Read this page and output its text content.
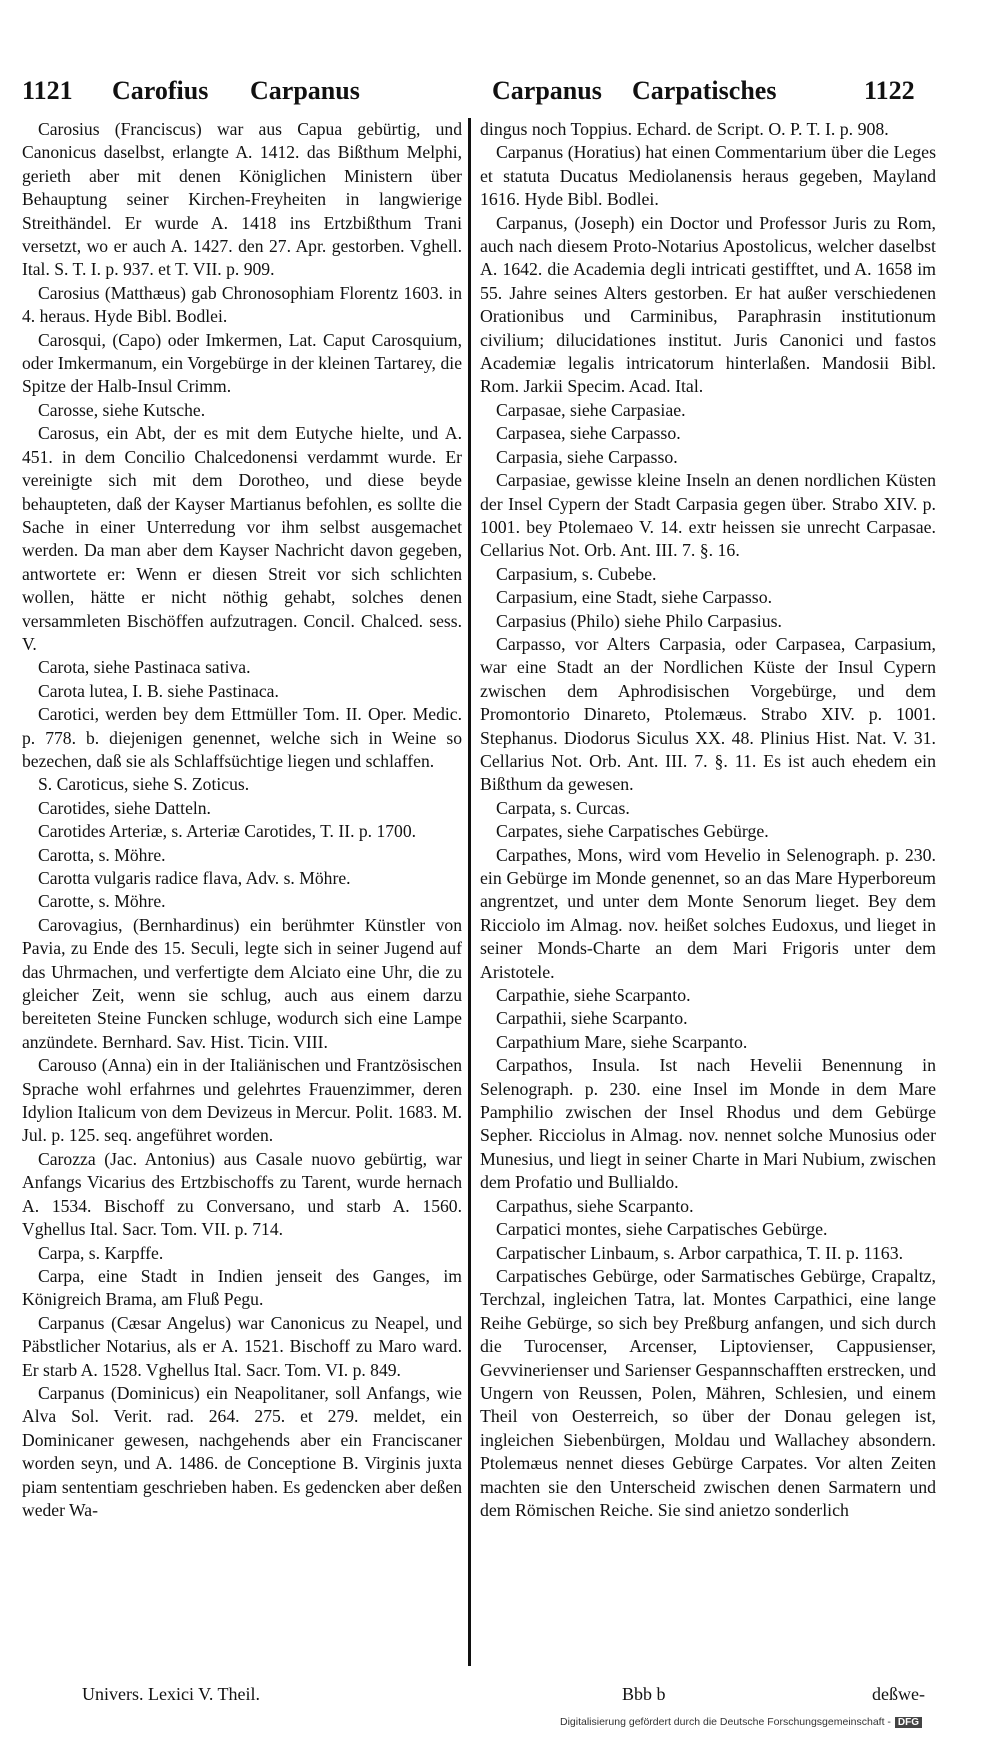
1121 Carofius Carpanus	Carpanus Carpatisches	1122

Carosius (Franciscus) war aus Capua gebürtig, und Canonicus daselbst, erlangte A. 1412. das Bißthum Melphi, gerieth aber mit denen Königlichen Ministern über Behauptung seiner Kirchen-Freyheiten in langwierige Streithändel. Er wurde A. 1418 ins Ertzbißthum Trani versetzt, wo er auch A. 1427. den 27. Apr. gestorben. Vghell. Ital. S. T. I. p. 937. et T. VII. p. 909.

Carosius (Matthæus) gab Chronosophiam Florentz 1603. in 4. heraus. Hyde Bibl. Bodlei.

Carosqui, (Capo) oder Imkermen, Lat. Caput Carosquium, oder Imkermanum, ein Vorgebürge in der kleinen Tartarey, die Spitze der Halb-Insul Crimm.

Carosse, siehe Kutsche.

Carosus, ein Abt, der es mit dem Eutyche hielte, und A. 451. in dem Concilio Chalcedonensi verdammt wurde. Er vereinigte sich mit dem Dorotheo, und diese beyde behaupteten, daß der Kayser Martianus befohlen, es sollte die Sache in einer Unterredung vor ihm selbst ausgemachet werden. Da man aber dem Kayser Nachricht davon gegeben, antwortete er: Wenn er diesen Streit vor sich schlichten wollen, hätte er nicht nöthig gehabt, solches denen versammleten Bischöffen aufzutragen. Concil. Chalced. sess. V.

Carota, siehe Pastinaca sativa.

Carota lutea, I. B. siehe Pastinaca.

Carotici, werden bey dem Ettmüller Tom. II. Oper. Medic. p. 778. b. diejenigen genennet, welche sich in Weine so bezechen, daß sie als Schlaffsüchtige liegen und schlaffen.

S. Caroticus, siehe S. Zoticus.

Carotides, siehe Datteln.

Carotides Arteriæ, s. Arteriæ Carotides, T. II. p. 1700.

Carotta, s. Möhre.

Carotta vulgaris radice flava, Adv. s. Möhre.

Carotte, s. Möhre.

Carovagius, (Bernhardinus) ein berühmter Künstler von Pavia, zu Ende des 15. Seculi, legte sich in seiner Jugend auf das Uhrmachen, und verfertigte dem Alciato eine Uhr, die zu gleicher Zeit, wenn sie schlug, auch aus einem darzu bereiteten Steine Funcken schluge, wodurch sich eine Lampe anzündete. Bernhard. Sav. Hist. Ticin. VIII.

Carouso (Anna) ein in der Italiänischen und Frantzösischen Sprache wohl erfahrnes und gelehrtes Frauenzimmer, deren Idylion Italicum von dem Devizeus in Mercur. Polit. 1683. M. Jul. p. 125. seq. angeführet worden.

Carozza (Jac. Antonius) aus Casale nuovo gebürtig, war Anfangs Vicarius des Ertzbischoffs zu Tarent, wurde hernach A. 1534. Bischoff zu Conversano, und starb A. 1560. Vghellus Ital. Sacr. Tom. VII. p. 714.

Carpa, s. Karpffe.

Carpa, eine Stadt in Indien jenseit des Ganges, im Königreich Brama, am Fluß Pegu.

Carpanus (Cæsar Angelus) war Canonicus zu Neapel, und Päbstlicher Notarius, als er A. 1521. Bischoff zu Maro ward. Er starb A. 1528. Vghellus Ital. Sacr. Tom. VI. p. 849.

Carpanus (Dominicus) ein Neapolitaner, soll Anfangs, wie Alva Sol. Verit. rad. 264. 275. et 279. meldet, ein Dominicaner gewesen, nachgehends aber ein Franciscaner worden seyn, und A. 1486. de Conceptione B. Virginis juxta piam sententiam geschrieben haben. Es gedencken aber deßen weder Wa-

dingus noch Toppius. Echard. de Script. O. P. T. I. p. 908.

Carpanus (Horatius) hat einen Commentarium über die Leges et statuta Ducatus Mediolanensis heraus gegeben, Mayland 1616. Hyde Bibl. Bodlei.

Carpanus, (Joseph) ein Doctor und Professor Juris zu Rom, auch nach diesem Proto-Notarius Apostolicus, welcher daselbst A. 1642. die Academia degli intricati gestifftet, und A. 1658 im 55. Jahre seines Alters gestorben. Er hat außer verschiedenen Orationibus und Carminibus, Paraphrasin institutionum civilium; dilucidationes institut. Juris Canonici und fastos Academiæ legalis intricatorum hinterlaßen. Mandosii Bibl. Rom. Jarkii Specim. Acad. Ital.

Carpasae, siehe Carpasiae.

Carpasea, siehe Carpasso.

Carpasia, siehe Carpasso.

Carpasiae, gewisse kleine Inseln an denen nordlichen Küsten der Insel Cypern der Stadt Carpasia gegen über. Strabo XIV. p. 1001. bey Ptolemaeo V. 14. extr heissen sie unrecht Carpasae. Cellarius Not. Orb. Ant. III. 7. §. 16.

Carpasium, s. Cubebe.

Carpasium, eine Stadt, siehe Carpasso.

Carpasius (Philo) siehe Philo Carpasius.

Carpasso, vor Alters Carpasia, oder Carpasea, Carpasium, war eine Stadt an der Nordlichen Küste der Insul Cypern zwischen dem Aphrodisischen Vorgebürge, und dem Promontorio Dinareto, Ptolemæus. Strabo XIV. p. 1001. Stephanus. Diodorus Siculus XX. 48. Plinius Hist. Nat. V. 31. Cellarius Not. Orb. Ant. III. 7. §. 11. Es ist auch ehedem ein Bißthum da gewesen.

Carpata, s. Curcas.

Carpates, siehe Carpatisches Gebürge.

Carpathes, Mons, wird vom Hevelio in Selenograph. p. 230. ein Gebürge im Monde genennet, so an das Mare Hyperboreum angrentzet, und unter dem Monte Senorum lieget. Bey dem Ricciolo im Almag. nov. heißet solches Eudoxus, und lieget in seiner Monds-Charte an dem Mari Frigoris unter dem Aristotele.

Carpathie, siehe Scarpanto.

Carpathii, siehe Scarpanto.

Carpathium Mare, siehe Scarpanto.

Carpathos, Insula. Ist nach Hevelii Benennung in Selenograph. p. 230. eine Insel im Monde in dem Mare Pamphilio zwischen der Insel Rhodus und dem Gebürge Sepher. Ricciolus in Almag. nov. nennet solche Munosius oder Munesius, und liegt in seiner Charte in Mari Nubium, zwischen dem Profatio und Bullialdo.

Carpathus, siehe Scarpanto.

Carpatici montes, siehe Carpatisches Gebürge.

Carpatischer Linbaum, s. Arbor carpathica, T. II. p. 1163.

Carpatisches Gebürge, oder Sarmatisches Gebürge, Crapaltz, Terchzal, ingleichen Tatra, lat. Montes Carpathici, eine lange Reihe Gebürge, so sich bey Preßburg anfangen, und sich durch die Turocenser, Arcenser, Liptovienser, Cappusienser, Gevvinerienser und Sarienser Gespannschafften erstrecken, und Ungern von Reussen, Polen, Mähren, Schlesien, und einem Theil von Oesterreich, so über der Donau gelegen ist, ingleichen Siebenbürgen, Moldau und Wallachey absondern. Ptolemæus nennet dieses Gebürge Carpates. Vor alten Zeiten machten sie den Unterscheid zwischen denen Sarmatern und dem Römischen Reiche. Sie sind anietzo sonderlich

Univers. Lexici V. Theil.	Bbb b	deßwe-
Digitalisierung gefördert durch die Deutsche Forschungsgemeinschaft - DFG
